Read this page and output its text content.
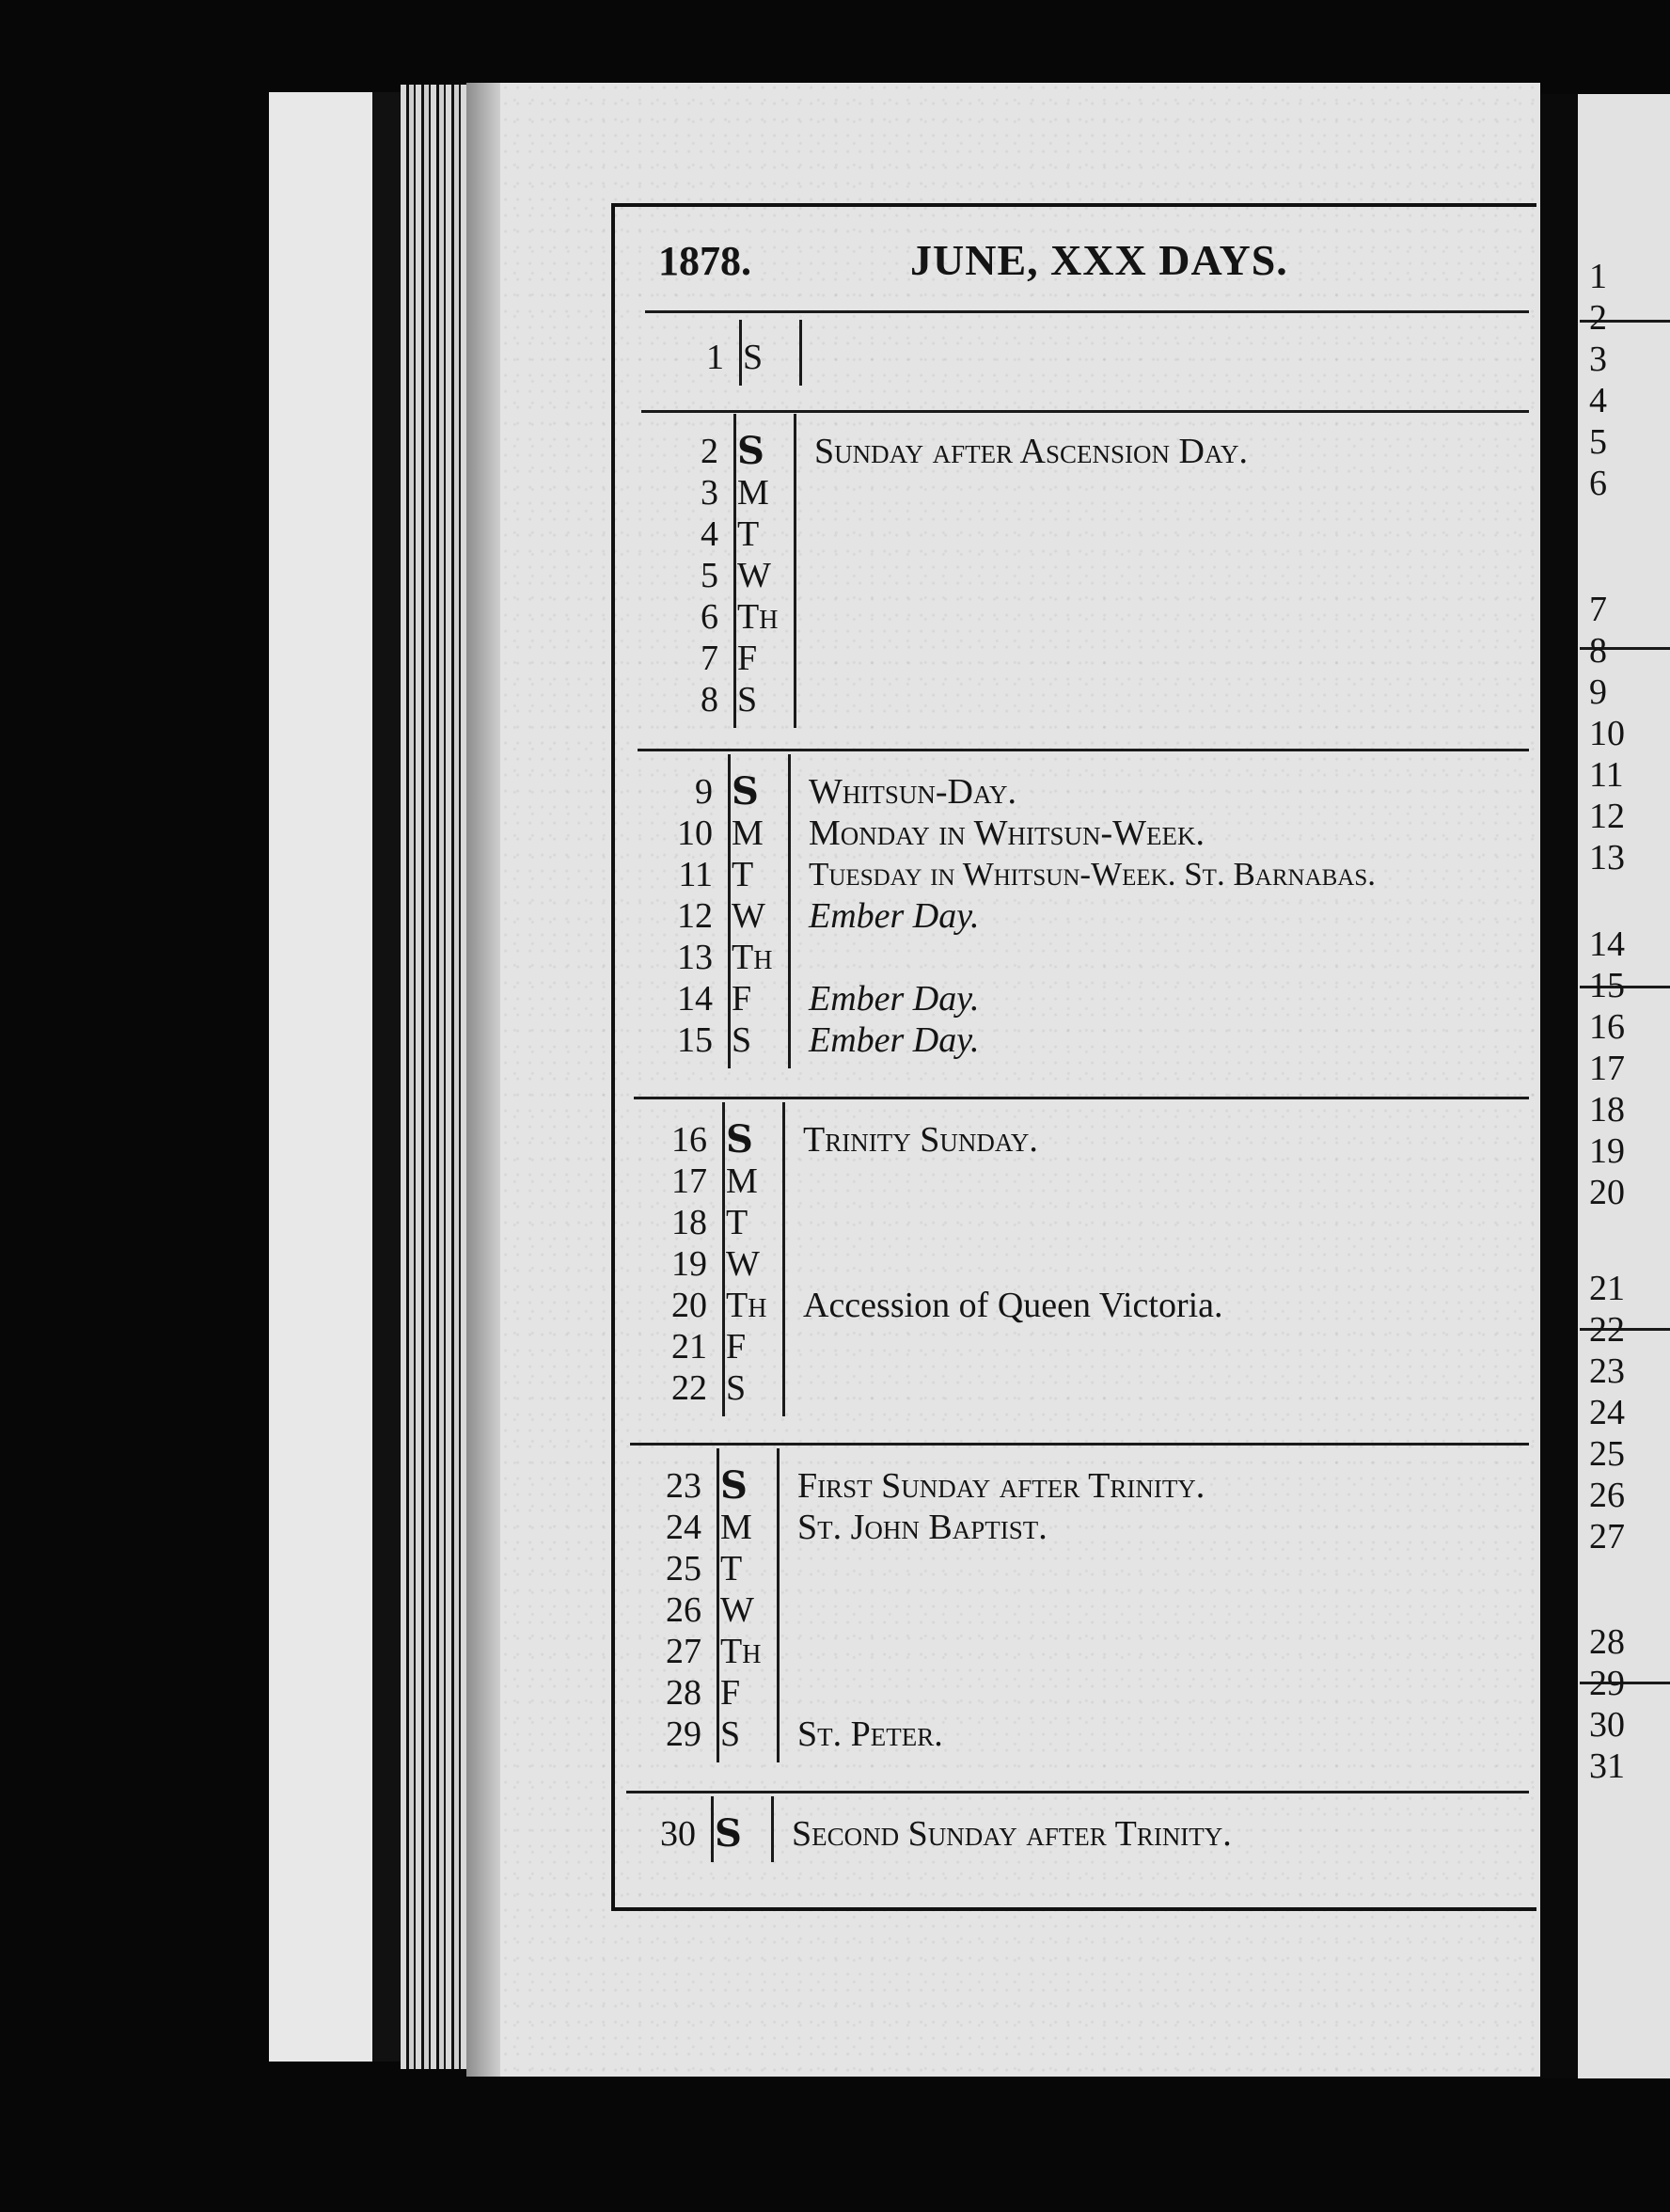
1
2
3
4
5
6
7
8
9
10
11
12
13
14
15
16
17
18
19
20
21
22
23
24
25
26
27
28
29
30
31
1878.	JUNE, XXX DAYS.
1 S
2 S Sunday after Ascension Day.
3 M
4 T
5 W
6 TH
7 F
8 S
9 S Whitsun-Day.
10 M Monday in Whitsun-Week.
11 T Tuesday in Whitsun-Week. St. Barnabas.
12 W Ember Day.
13 TH
14 F Ember Day.
15 S Ember Day.
16 S Trinity Sunday.
17 M
18 T
19 W
20 TH Accession of Queen Victoria.
21 F
22 S
23 S First Sunday after Trinity.
24 M St. John Baptist.
25 T
26 W
27 TH
28 F
29 S St. Peter.
30 S Second Sunday after Trinity.
